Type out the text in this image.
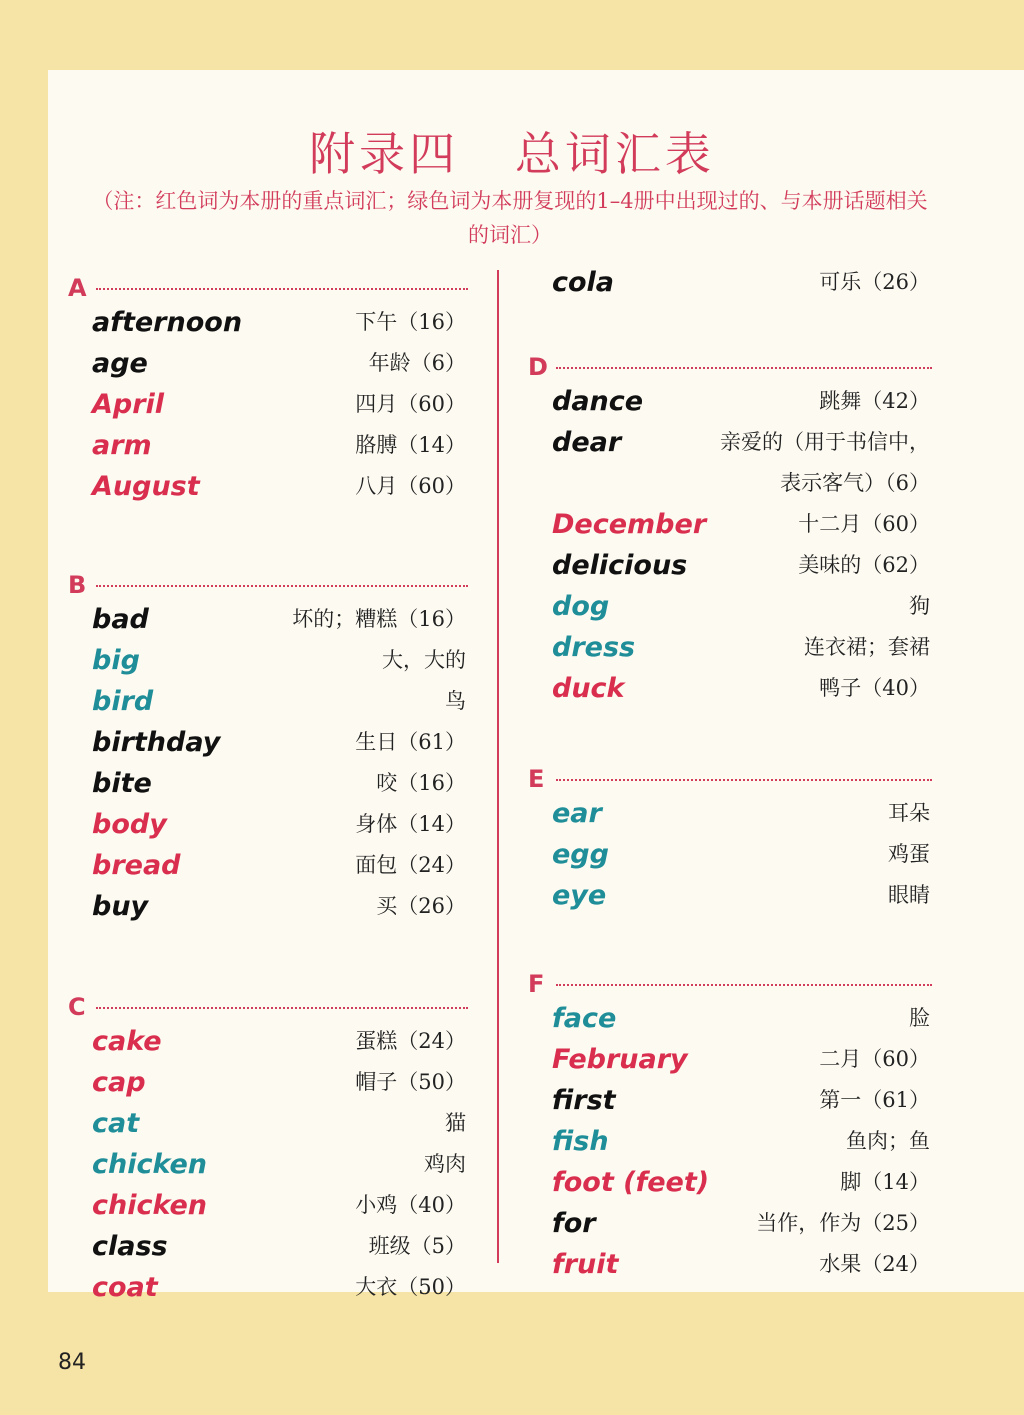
附录四   总词汇表
（注：红色词为本册的重点词汇；绿色词为本册复现的1–4册中出现过的、与本册话题相关的词汇）
A
afternoon	下午（16）
age	年龄（6）
April	四月（60）
arm	胳膊（14）
August	八月（60）
B
bad	坏的；糟糕（16）
big	大，大的
bird	鸟
birthday	生日（61）
bite	咬（16）
body	身体（14）
bread	面包（24）
buy	买（26）
C
cake	蛋糕（24）
cap	帽子（50）
cat	猫
chicken	鸡肉
chicken	小鸡（40）
class	班级（5）
coat	大衣（50）
cola	可乐（26）
D
dance	跳舞（42）
dear	亲爱的（用于书信中，
表示客气）（6）
December	十二月（60）
delicious	美味的（62）
dog	狗
dress	连衣裙；套裙
duck	鸭子（40）
E
ear	耳朵
egg	鸡蛋
eye	眼睛
F
face	脸
February	二月（60）
first	第一（61）
fish	鱼肉；鱼
foot (feet)	脚（14）
for	当作，作为（25）
fruit	水果（24）
84
